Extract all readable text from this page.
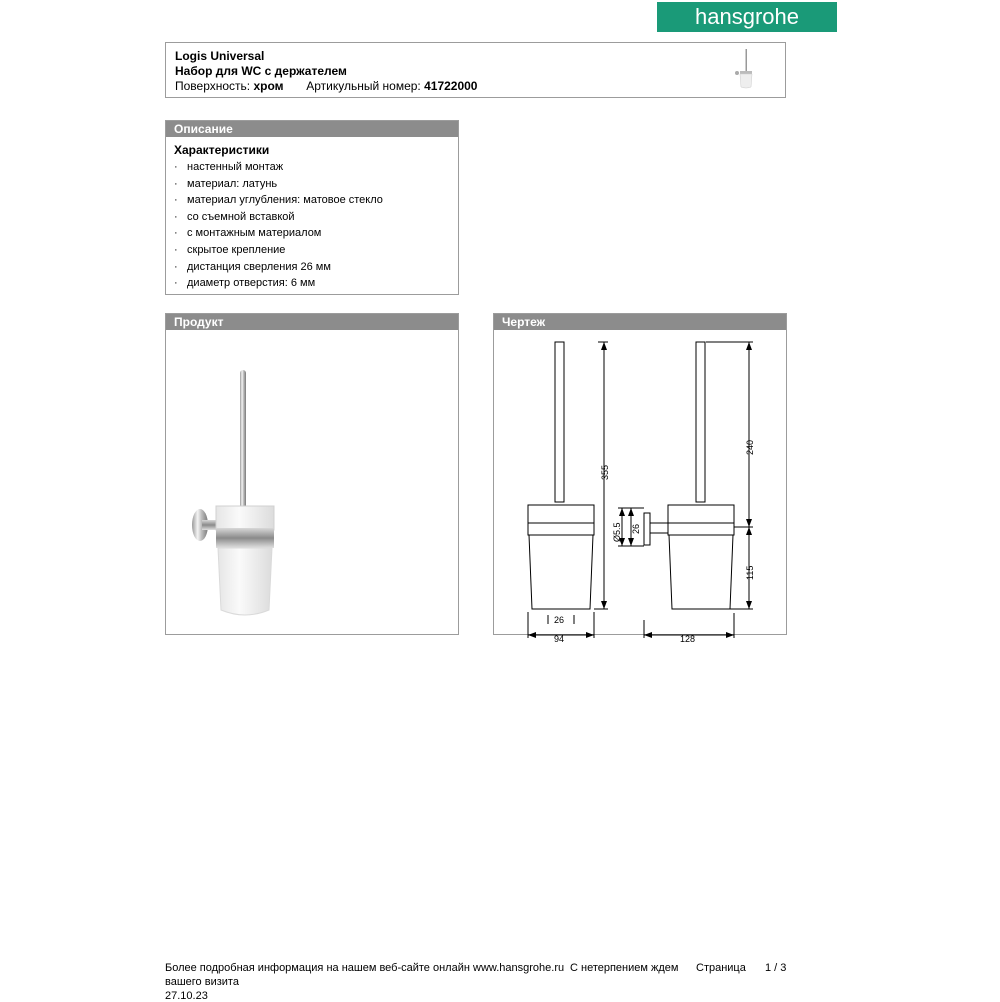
hansgrohe
Logis Universal
Набор для WC с держателем
Поверхность: хром Артикульный номер: 41722000
Описание
Характеристики
· настенный монтаж
· материал: латунь
· материал углубления: матовое стекло
· со съемной вставкой
· с монтажным материалом
· скрытое крепление
· дистанция сверления 26 мм
· диаметр отверстия: 6 мм
Продукт	Чертеж
355
240
115
Ø5.5 26
26
94	128
Более подробная информация на нашем веб-сайте онлайн www.hansgrohe.ru С нетерпением ждем
вашего визита
Страница 1 / 3
27.10.23
